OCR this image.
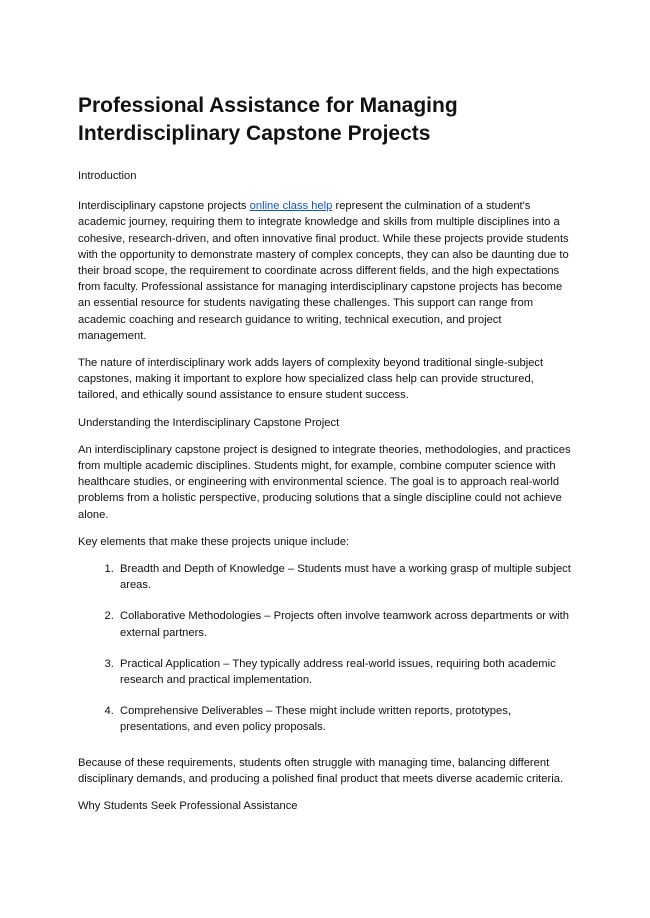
Professional Assistance for Managing
Interdisciplinary Capstone Projects

Introduction

Interdisciplinary capstone projects online class help represent the culmination of a student's academic journey, requiring them to integrate knowledge and skills from multiple disciplines into a cohesive, research-driven, and often innovative final product. While these projects provide students with the opportunity to demonstrate mastery of complex concepts, they can also be daunting due to their broad scope, the requirement to coordinate across different fields, and the high expectations from faculty. Professional assistance for managing interdisciplinary capstone projects has become an essential resource for students navigating these challenges. This support can range from academic coaching and research guidance to writing, technical execution, and project management.

The nature of interdisciplinary work adds layers of complexity beyond traditional single-subject capstones, making it important to explore how specialized class help can provide structured, tailored, and ethically sound assistance to ensure student success.

Understanding the Interdisciplinary Capstone Project

An interdisciplinary capstone project is designed to integrate theories, methodologies, and practices from multiple academic disciplines. Students might, for example, combine computer science with healthcare studies, or engineering with environmental science. The goal is to approach real-world problems from a holistic perspective, producing solutions that a single discipline could not achieve alone.

Key elements that make these projects unique include:

1. Breadth and Depth of Knowledge – Students must have a working grasp of multiple subject areas.
2. Collaborative Methodologies – Projects often involve teamwork across departments or with external partners.
3. Practical Application – They typically address real-world issues, requiring both academic research and practical implementation.
4. Comprehensive Deliverables – These might include written reports, prototypes, presentations, and even policy proposals.

Because of these requirements, students often struggle with managing time, balancing different disciplinary demands, and producing a polished final product that meets diverse academic criteria.

Why Students Seek Professional Assistance
